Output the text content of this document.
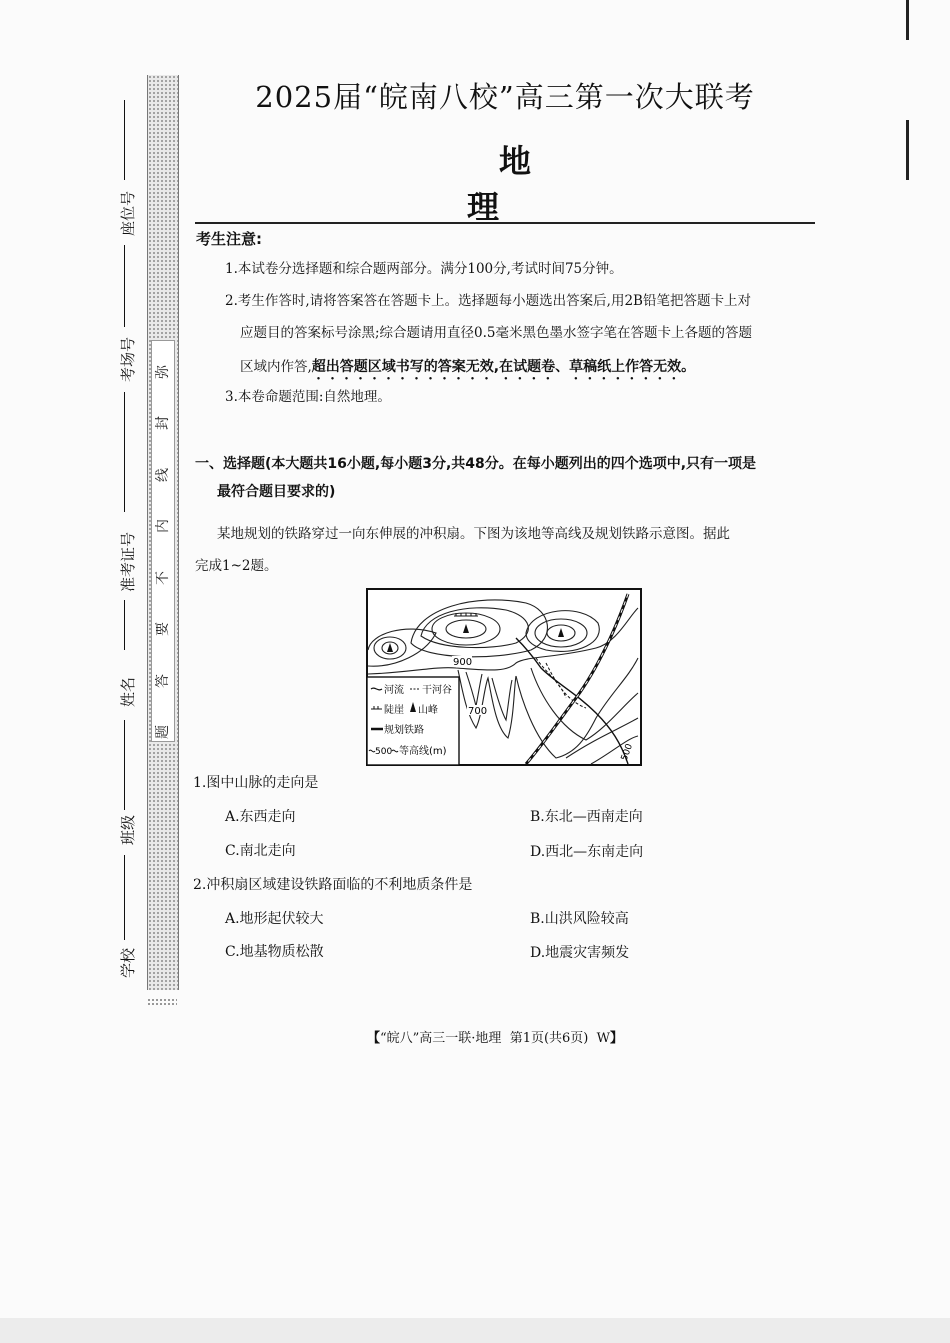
弥
封
线
内
不
要
答
题
座位号
考场号
准考证号
姓名
班级
学校
2025届“皖南八校”高三第一次大联考
地理
考生注意:
1.本试卷分选择题和综合题两部分。满分100分,考试时间75分钟。
2.考生作答时,请将答案答在答题卡上。选择题每小题选出答案后,用2B铅笔把答题卡上对
应题目的答案标号涂黑;综合题请用直径0.5毫米黑色墨水签字笔在答题卡上各题的答题
区域内作答,超出答题区域书写的答案无效,在试题卷、草稿纸上作答无效。
3.本卷命题范围:自然地理。
一、选择题(本大题共16小题,每小题3分,共48分。在每小题列出的四个选项中,只有一项是
最符合题目要求的)
某地规划的铁路穿过一向东伸展的冲积扇。下图为该地等高线及规划铁路示意图。据此
完成1~2题。
河流 干河谷
陡崖 山峰
规划铁路
500 等高线(m)
900
700
500
1.图中山脉的走向是
A.东西走向	B.东北—西南走向
C.南北走向	D.西北—东南走向
2.冲积扇区域建设铁路面临的不利地质条件是
A.地形起伏较大	B.山洪风险较高
C.地基物质松散	D.地震灾害频发
【“皖八”高三一联·地理 第1页(共6页) W】
